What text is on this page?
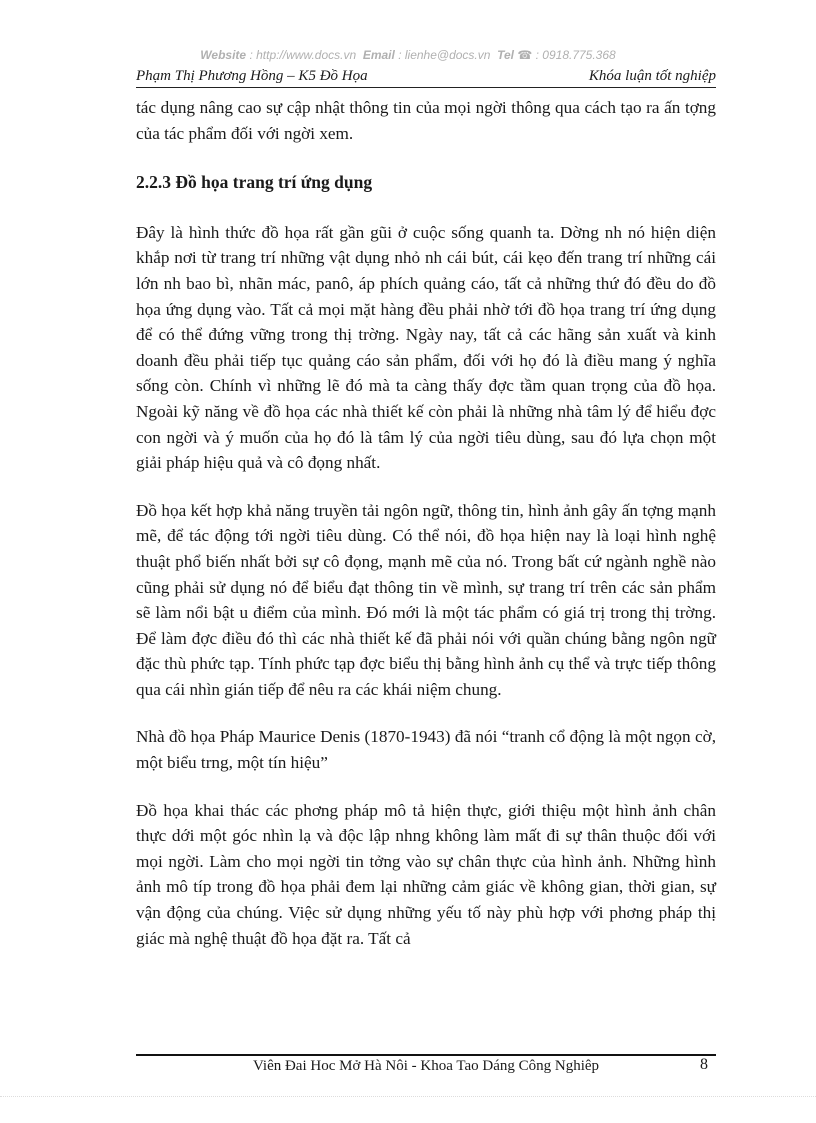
Website : http://www.docs.vn Email : lienhe@docs.vn Tel ☎ : 0918.775.368
Phạm Thị Phương Hồng – K5 Đồ Họa	Khóa luận tốt nghiệp

tác dụng nâng cao sự cập nhật thông tin của mọi ngời thông qua cách tạo ra ấn tợng của tác phẩm đối với ngời xem.

2.2.3 Đồ họa trang trí ứng dụng

Đây là hình thức đồ họa rất gần gũi ở cuộc sống quanh ta. Dờng nh nó hiện diện khắp nơi từ trang trí những vật dụng nhỏ nh cái bút, cái kẹo đến trang trí những cái lớn nh bao bì, nhãn mác, panô, áp phích quảng cáo, tất cả những thứ đó đều do đồ họa ứng dụng vào. Tất cả mọi mặt hàng đều phải nhờ tới đồ họa trang trí ứng dụng để có thể đứng vững trong thị trờng. Ngày nay, tất cả các hãng sản xuất và kinh doanh đều phải tiếp tục quảng cáo sản phẩm, đối với họ đó là điều mang ý nghĩa sống còn. Chính vì những lẽ đó mà ta càng thấy đợc tầm quan trọng của đồ họa. Ngoài kỹ năng về đồ họa các nhà thiết kế còn phải là những nhà tâm lý để hiểu đợc con ngời và ý muốn của họ đó là tâm lý của ngời tiêu dùng, sau đó lựa chọn một giải pháp hiệu quả và cô đọng nhất.

Đồ họa kết hợp khả năng truyền tải ngôn ngữ, thông tin, hình ảnh gây ấn tợng mạnh mẽ, để tác động tới ngời tiêu dùng. Có thể nói, đồ họa hiện nay là loại hình nghệ thuật phổ biến nhất bởi sự cô đọng, mạnh mẽ của nó. Trong bất cứ ngành nghề nào cũng phải sử dụng nó để biểu đạt thông tin về mình, sự trang trí trên các sản phẩm sẽ làm nổi bật u điểm của mình. Đó mới là một tác phẩm có giá trị trong thị trờng. Để làm đợc điều đó thì các nhà thiết kế đã phải nói với quần chúng bằng ngôn ngữ đặc thù phức tạp. Tính phức tạp đợc biểu thị bằng hình ảnh cụ thể và trực tiếp thông qua cái nhìn gián tiếp để nêu ra các khái niệm chung.

Nhà đồ họa Pháp Maurice Denis (1870-1943) đã nói “tranh cổ động là một ngọn cờ, một biểu trng, một tín hiệu”

Đồ họa khai thác các phơng pháp mô tả hiện thực, giới thiệu một hình ảnh chân thực dới một góc nhìn lạ và độc lập nhng không làm mất đi sự thân thuộc đối với mọi ngời. Làm cho mọi ngời tin tởng vào sự chân thực của hình ảnh. Những hình ảnh mô típ trong đồ họa phải đem lại những cảm giác về không gian, thời gian, sự vận động của chúng. Việc sử dụng những yếu tố này phù hợp với phơng pháp thị giác mà nghệ thuật đồ họa đặt ra. Tất cả

Viên Đai Hoc Mở Hà Nôi - Khoa Tao Dáng Công Nghiêp	8
